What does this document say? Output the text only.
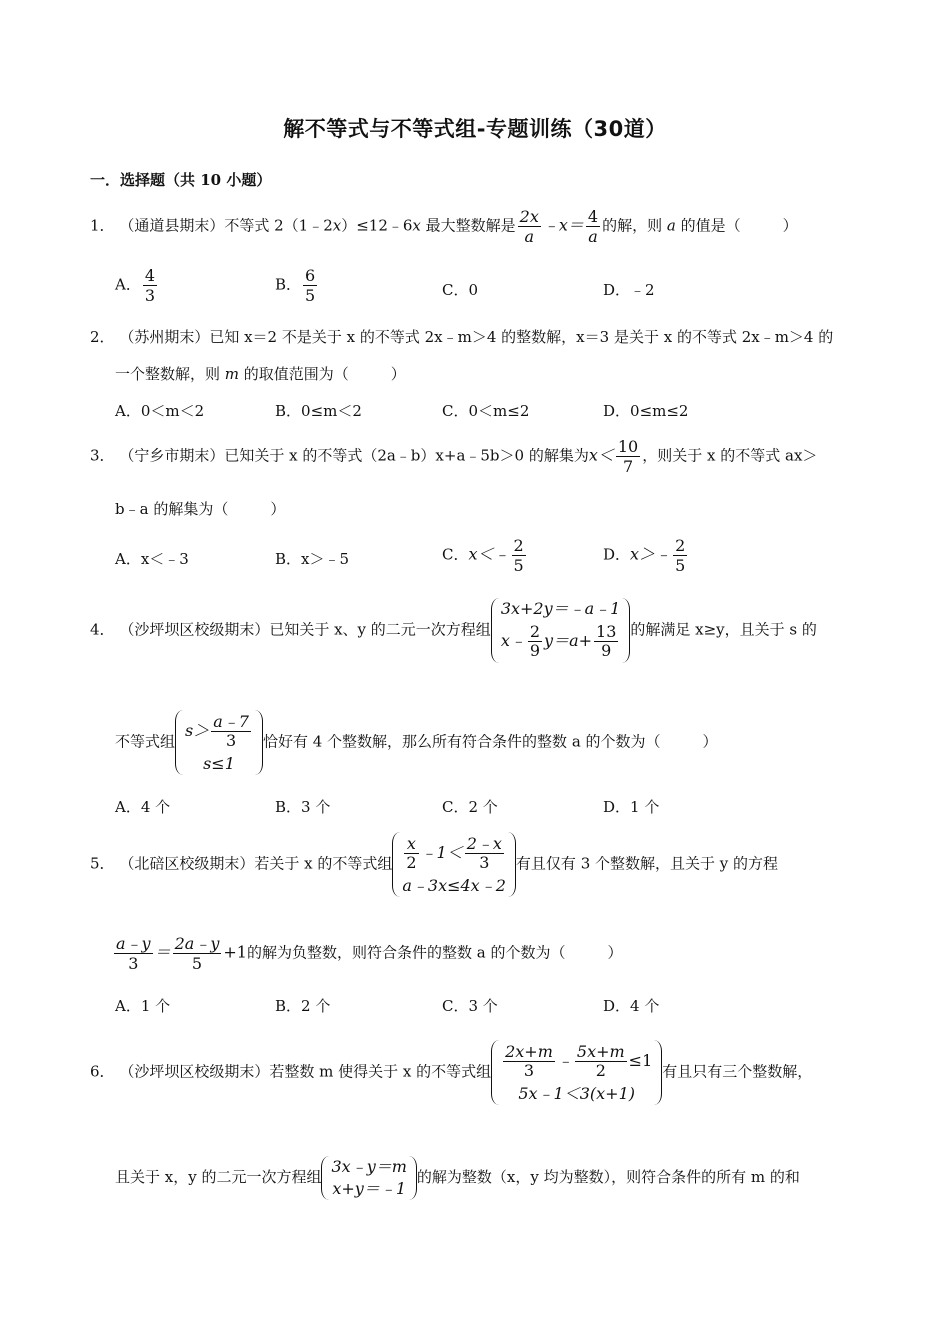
解不等式与不等式组-专题训练（30道）
一．选择题（共 10 小题）
1． （通道县期末）不等式 2（1﹣2x）≤12﹣6x 最大整数解是 $\frac{2x}{a}$ ﹣x＝ $\frac{4}{a}$ 的解，则 a 的值是（	）
A． $\frac{4}{3}$	B． $\frac{6}{5}$	C．0	D．﹣2
2． （苏州期末）已知 x＝2 不是关于 x 的不等式 2x﹣m＞4 的整数解，x＝3 是关于 x 的不等式 2x﹣m＞4 的
一个整数解，则 m 的取值范围为（	）
A．0＜m＜2	B．0≤m＜2	C．0＜m≤2	D．0≤m≤2
3． （宁乡市期末）已知关于 x 的不等式（2a﹣b）x+a﹣5b＞0 的解集为$x< \frac{10}{7}$ ，则关于 x 的不等式 ax＞
b﹣a 的解集为（	）
A．x＜﹣3	B．x＞﹣5	C．x＜﹣ $\frac{2}{5}$	D．x＞﹣ $\frac{2}{5}$
4． （沙坪坝区校级期末）已知关于 x、y 的二元一次方程组
3x+2y＝﹣a﹣1
x﹣ $\frac{2}{9} y=a+ \frac{13}{9}$ 的解满足 x≥y，且关于 s 的
不等式组
$s> \frac{a﹣7}{3}$
s≤1
恰好有 4 个整数解，那么所有符合条件的整数 a 的个数为（	）
A．4 个	B．3 个	C．2 个	D．1 个
5． （北碚区校级期末）若关于 x 的不等式组 $\frac{x}{2}$ ﹣1＜ $\frac{2﹣x}{3}$
a﹣3x≤4x﹣2
有且仅有 3 个整数解，且关于 y 的方程
$\frac{a﹣y}{3} = \frac{2a﹣y}{5} +1$的解为负整数，则符合条件的整数 a 的个数为（	）
A．1 个	B．2 个	C．3 个	D．4 个
6． （沙坪坝区校级期末）若整数 m 使得关于 x 的不等式组 $\frac{2x+m}{3}$ ﹣ $\frac{5x+m}{2} \le 1$
5x﹣1＜3(x+1)
有且只有三个整数解，
且关于 x，y 的二元一次方程组
3x﹣y＝m
x+y＝﹣1
的解为整数（x，y 均为整数），则符合条件的所有 m 的和
